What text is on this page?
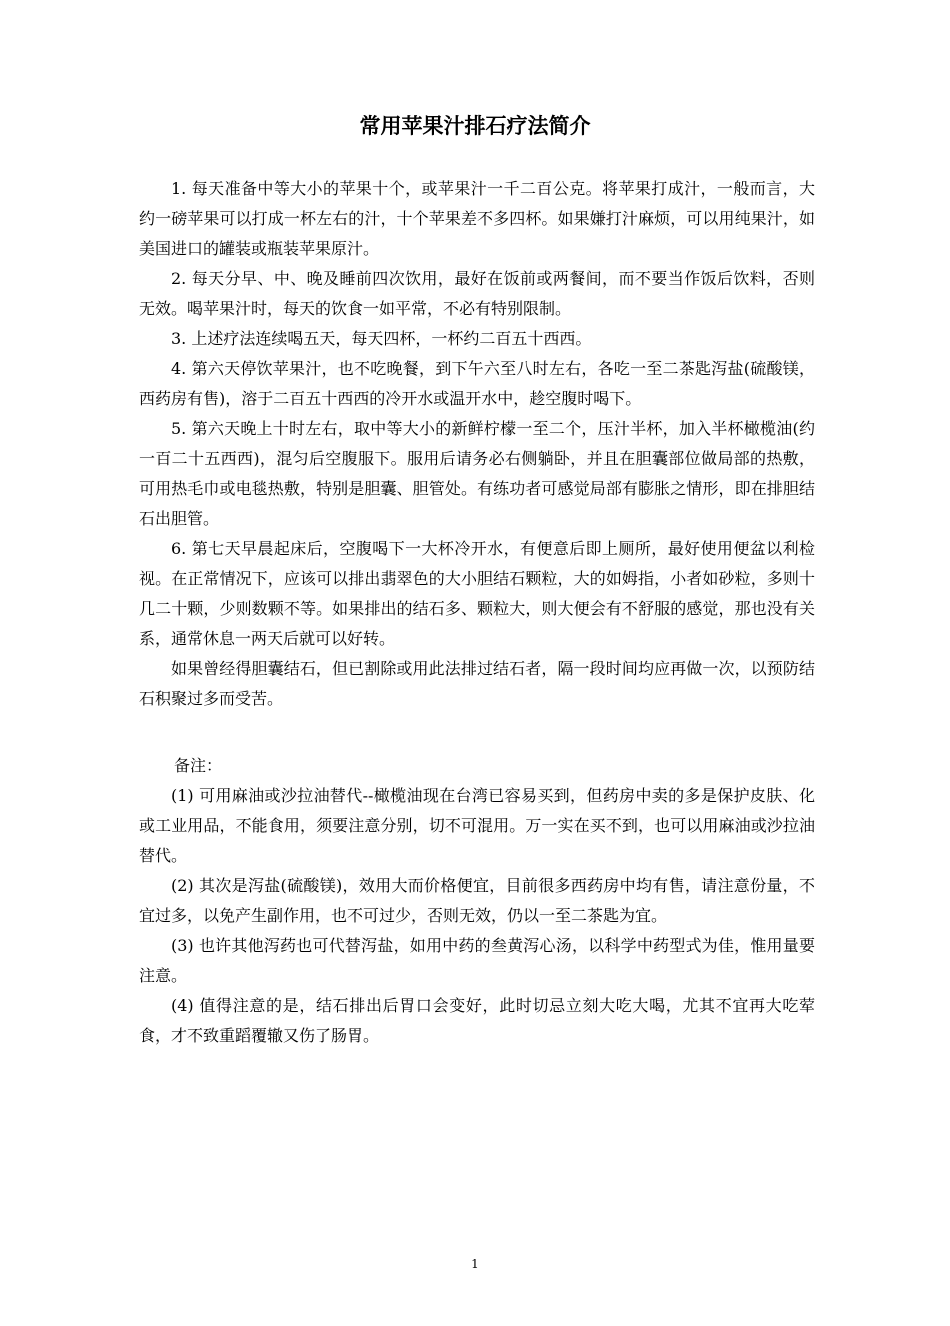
常用苹果汁排石疗法简介

1. 每天准备中等大小的苹果十个，或苹果汁一千二百公克。将苹果打成汁，一般而言，大约一磅苹果可以打成一杯左右的汁，十个苹果差不多四杯。如果嫌打汁麻烦，可以用纯果汁，如美国进口的罐装或瓶装苹果原汁。

2. 每天分早、中、晚及睡前四次饮用，最好在饭前或两餐间，而不要当作饭后饮料，否则无效。喝苹果汁时，每天的饮食一如平常，不必有特别限制。

3. 上述疗法连续喝五天，每天四杯，一杯约二百五十西西。

4. 第六天停饮苹果汁，也不吃晚餐，到下午六至八时左右，各吃一至二茶匙泻盐(硫酸镁，西药房有售)，溶于二百五十西西的冷开水或温开水中，趁空腹时喝下。

5. 第六天晚上十时左右，取中等大小的新鲜柠檬一至二个，压汁半杯，加入半杯橄榄油(约一百二十五西西)，混匀后空腹服下。服用后请务必右侧躺卧，并且在胆囊部位做局部的热敷，可用热毛巾或电毯热敷，特别是胆囊、胆管处。有练功者可感觉局部有膨胀之情形，即在排胆结石出胆管。

6. 第七天早晨起床后，空腹喝下一大杯冷开水，有便意后即上厕所，最好使用便盆以利检视。在正常情况下，应该可以排出翡翠色的大小胆结石颗粒，大的如姆指，小者如砂粒，多则十几二十颗，少则数颗不等。如果排出的结石多、颗粒大，则大便会有不舒服的感觉，那也没有关系，通常休息一两天后就可以好转。

如果曾经得胆囊结石，但已割除或用此法排过结石者，隔一段时间均应再做一次，以预防结石积聚过多而受苦。

备注：

(1) 可用麻油或沙拉油替代--橄榄油现在台湾已容易买到，但药房中卖的多是保护皮肤、化或工业用品，不能食用，须要注意分别，切不可混用。万一实在买不到，也可以用麻油或沙拉油替代。

(2) 其次是泻盐(硫酸镁)，效用大而价格便宜，目前很多西药房中均有售，请注意份量，不宜过多，以免产生副作用，也不可过少，否则无效，仍以一至二茶匙为宜。

(3) 也许其他泻药也可代替泻盐，如用中药的叁黄泻心汤，以科学中药型式为佳，惟用量要注意。

(4) 值得注意的是，结石排出后胃口会变好，此时切忌立刻大吃大喝，尤其不宜再大吃荤食，才不致重蹈覆辙又伤了肠胃。

1
